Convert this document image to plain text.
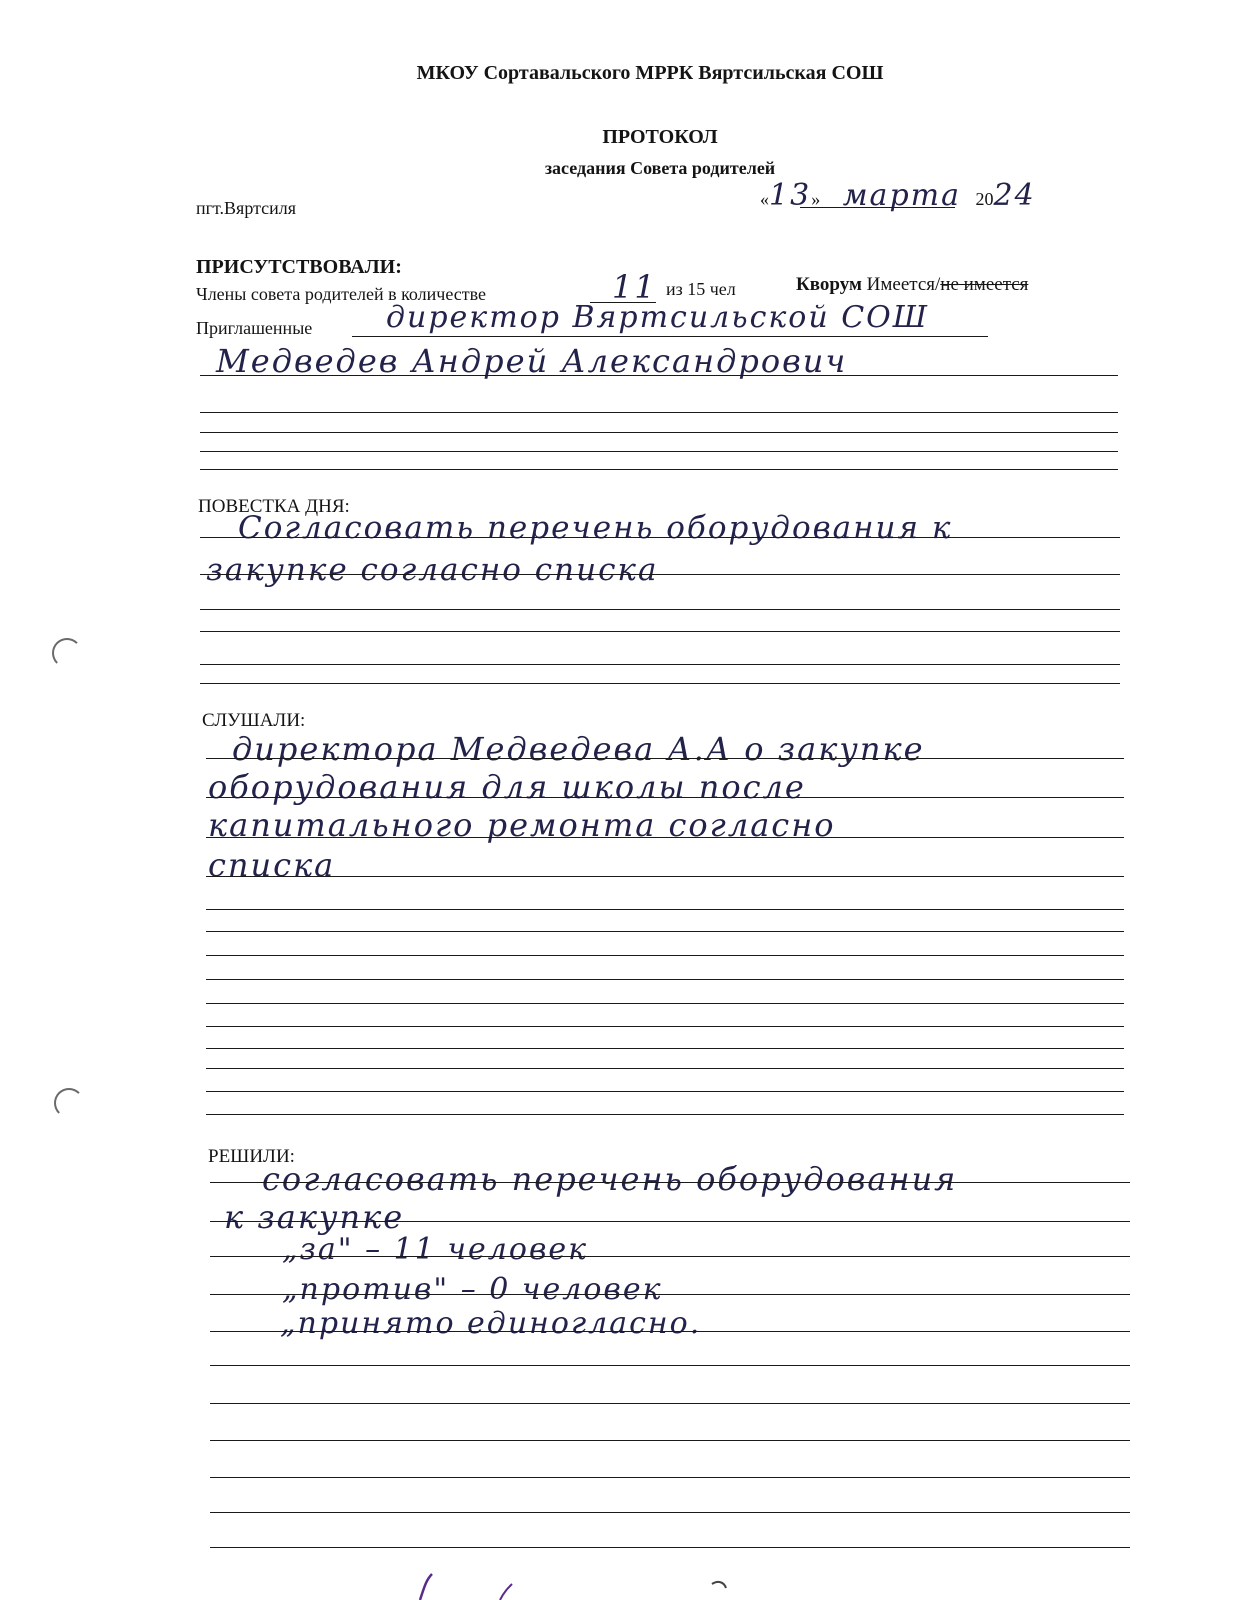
МКОУ Сортавальского МРРК Вяртсильская СОШ
ПРОТОКОЛ
заседания Совета родителей
пгт.Вяртсиля	«13» марта 2024
ПРИСУТСТВОВАЛИ:
Члены совета родителей в количестве	11 из 15 чел	Кворум Имеется/не имеется
Приглашенные директор Вяртсильской СОШ
Медведев Андрей Александрович
ПОВЕСТКА ДНЯ:
Согласовать перечень оборудования к
закупке согласно списка
СЛУШАЛИ:
директора Медведева А.А о закупке
оборудования для школы после
капитального ремонта согласно
списка
РЕШИЛИ:
согласовать перечень оборудования
к закупке
„за" – 11 человек
„против" – 0 человек
„принято единогласно.
